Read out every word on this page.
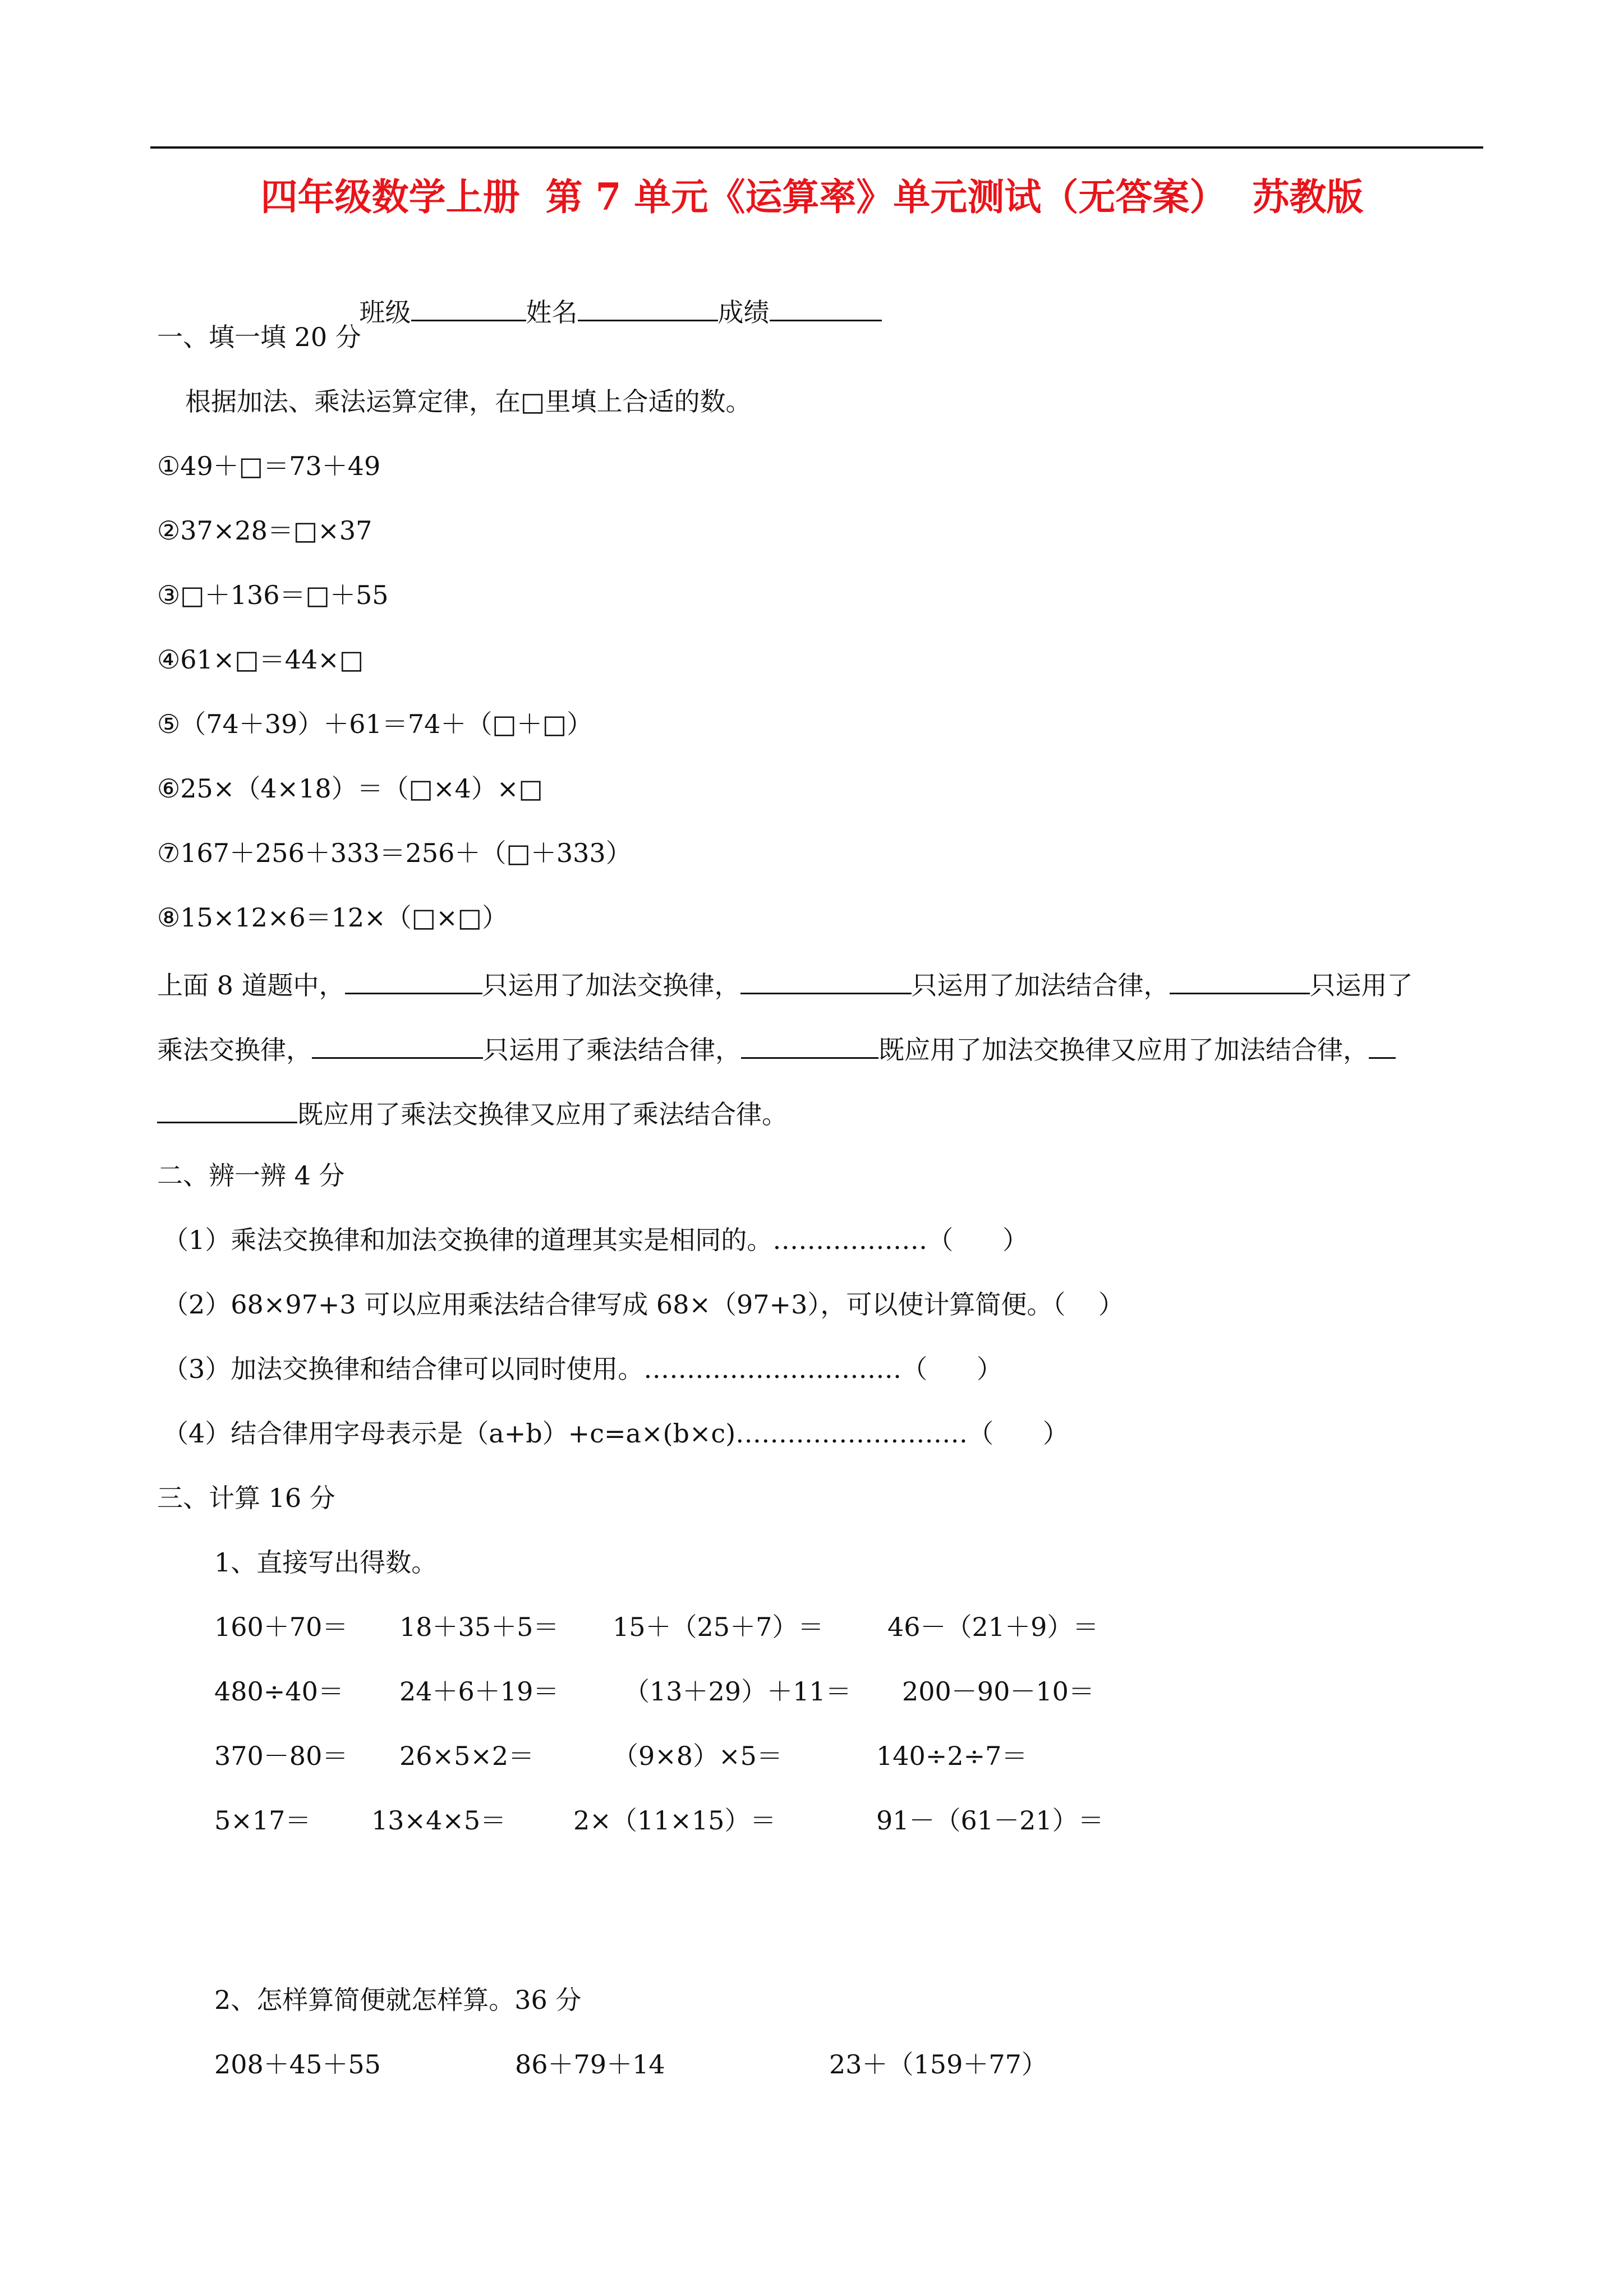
四年级数学上册  第 7 单元《运算率》单元测试（无答案）  苏教版

班级	姓名	成绩

一、填一填 20 分
根据加法、乘法运算定律，在□里填上合适的数。
①49＋□＝73＋49
②37×28＝□×37
③□＋136＝□＋55
④61×□＝44×□
⑤（74＋39）＋61＝74＋（□＋□）
⑥25×（4×18）＝（□×4）×□
⑦167＋256＋333＝256＋（□＋333）
⑧15×12×6＝12×（□×□）
上面 8 道题中，	只运用了加法交换律，	只运用了加法结合律，	只运用了
乘法交换律，	只运用了乘法结合律，	既应用了加法交换律又应用了加法结合律，
既应用了乘法交换律又应用了乘法结合律。
二、辨一辨 4 分
（1）乘法交换律和加法交换律的道理其实是相同的。………………（      ）
（2）68×97+3 可以应用乘法结合律写成 68×（97+3），可以使计算简便。（    ）
（3）加法交换律和结合律可以同时使用。…………………………（      ）
（4）结合律用字母表示是（a+b）+c=a×(b×c)………………………（      ）
三、计算 16 分
1、直接写出得数。
160＋70＝ 18＋35＋5＝ 15＋（25＋7）＝ 46－（21＋9）＝
480÷40＝ 24＋6＋19＝	（13＋29）＋11＝ 200－90－10＝
370－80＝ 26×5×2＝	（9×8）×5＝	140÷2÷7＝
5×17＝ 13×4×5＝	2×（11×15）＝	91－（61－21）＝
2、怎样算简便就怎样算。36 分
208＋45＋55	86＋79＋14	23＋（159＋77）
